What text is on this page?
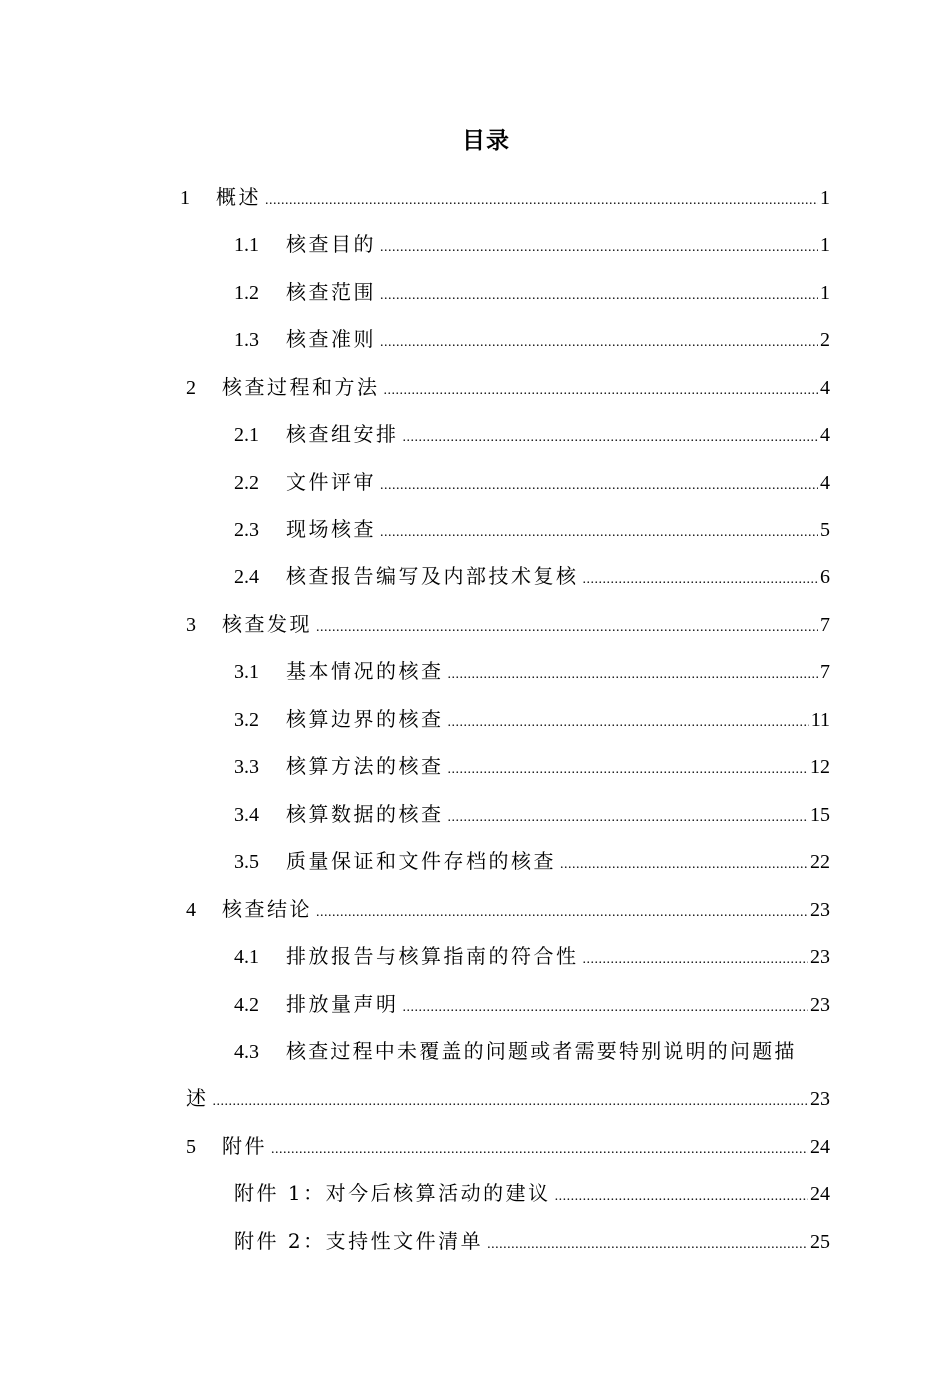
目录
1	概述 .....	1
1.1	核查目的 .....	1
1.2	核查范围 .....	1
1.3	核查准则 .....	2
2	核查过程和方法 .....	4
2.1	核查组安排 .....	4
2.2	文件评审 .....	4
2.3	现场核查 .....	5
2.4	核查报告编写及内部技术复核 .....	6
3	核查发现 .....	7
3.1	基本情况的核查 .....	7
3.2	核算边界的核查 .....	11
3.3	核算方法的核查 .....	12
3.4	核算数据的核查 .....	15
3.5	质量保证和文件存档的核查 .....	22
4	核查结论 .....	23
4.1	排放报告与核算指南的符合性 .....	23
4.2	排放量声明 .....	23
4.3 核查过程中未覆盖的问题或者需要特别说明的问题描
述 .....	23
5	附件 .....	24
附件 1：对今后核算活动的建议 .....	24
附件 2：支持性文件清单 .....	25
